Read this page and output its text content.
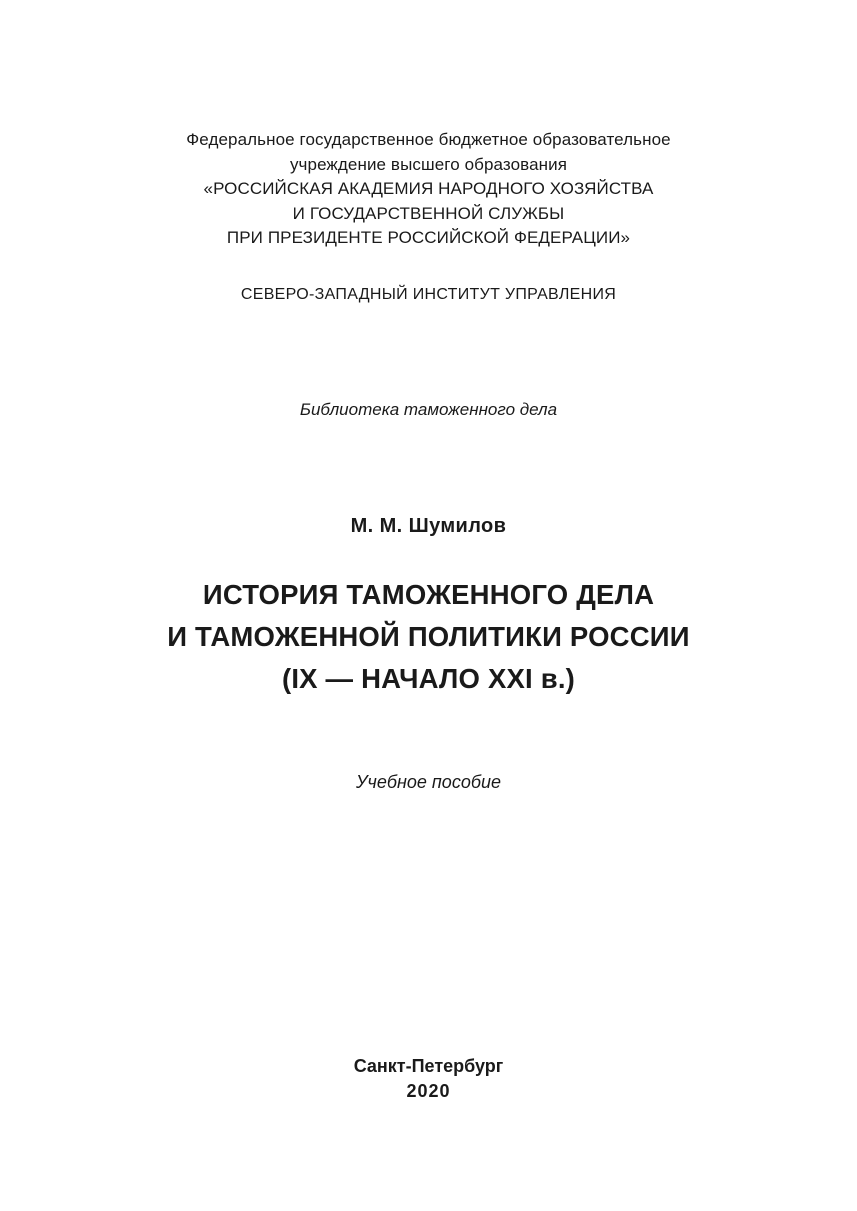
Федеральное государственное бюджетное образовательное
учреждение высшего образования
«РОССИЙСКАЯ АКАДЕМИЯ НАРОДНОГО ХОЗЯЙСТВА
И ГОСУДАРСТВЕННОЙ СЛУЖБЫ
ПРИ ПРЕЗИДЕНТЕ РОССИЙСКОЙ ФЕДЕРАЦИИ»
СЕВЕРО-ЗАПАДНЫЙ ИНСТИТУТ УПРАВЛЕНИЯ
Библиотека таможенного дела
М. М. Шумилов
ИСТОРИЯ ТАМОЖЕННОГО ДЕЛА
И ТАМОЖЕННОЙ ПОЛИТИКИ РОССИИ
(IX — НАЧАЛО XXI в.)
Учебное пособие
Санкт-Петербург
2020
